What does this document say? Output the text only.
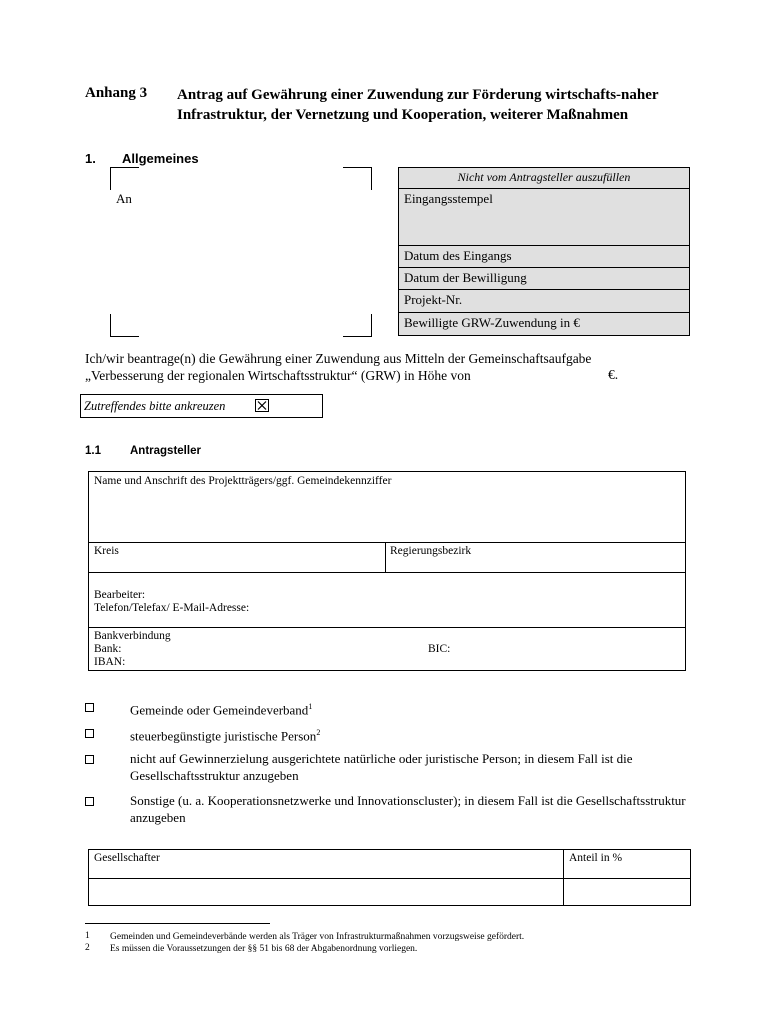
Anhang 3 Antrag auf Gewährung einer Zuwendung zur Förderung wirtschafts-naher Infrastruktur, der Vernetzung und Kooperation, weiterer Maßnahmen
1. Allgemeines
An
Nicht vom Antragsteller auszufüllen
Eingangsstempel
Datum des Eingangs
Datum der Bewilligung
Projekt-Nr.
Bewilligte GRW-Zuwendung in €
Ich/wir beantrage(n) die Gewährung einer Zuwendung aus Mitteln der Gemeinschaftsaufgabe
„Verbesserung der regionalen Wirtschaftsstruktur“ (GRW) in Höhe von	€.
Zutreffendes bitte ankreuzen
1.1	Antragsteller
Name und Anschrift des Projektträgers/ggf. Gemeindekennziffer
Kreis	Regierungsbezirk
Bearbeiter:
Telefon/Telefax/ E-Mail-Adresse:
Bankverbindung
Bank:	BIC:
IBAN:
Gemeinde oder Gemeindeverband$^1$
steuerbegünstigte juristische Person$^2$
nicht auf Gewinnerzielung ausgerichtete natürliche oder juristische Person; in diesem Fall ist die Gesellschaftsstruktur anzugeben
Sonstige (u. a. Kooperationsnetzwerke und Innovationscluster); in diesem Fall ist die Gesellschaftsstruktur anzugeben
Gesellschafter	Anteil in %
1 Gemeinden und Gemeindeverbände werden als Träger von Infrastrukturmaßnahmen vorzugsweise gefördert.
2 Es müssen die Voraussetzungen der §§ 51 bis 68 der Abgabenordnung vorliegen.
